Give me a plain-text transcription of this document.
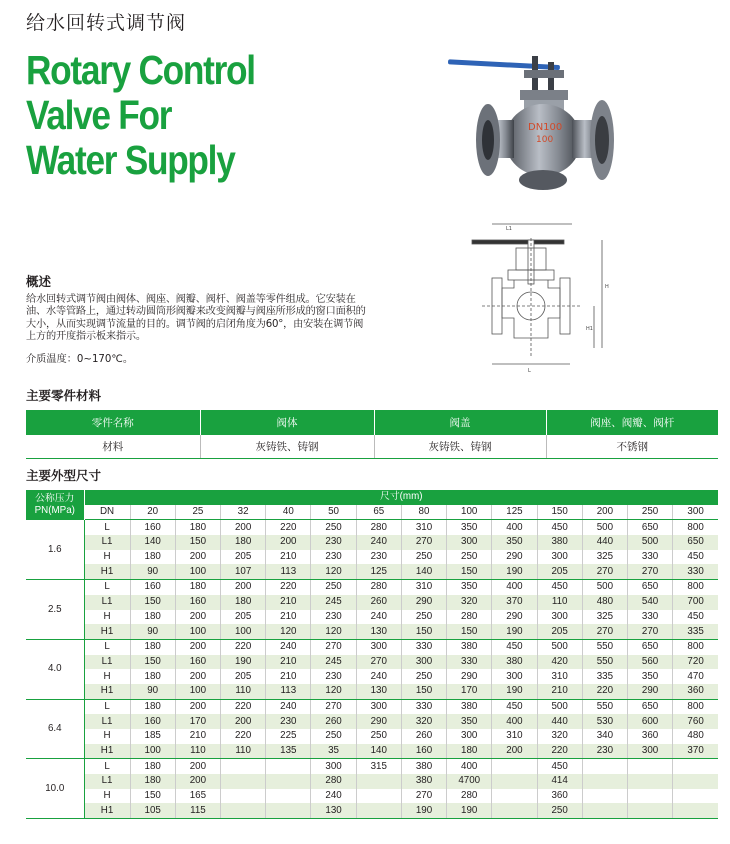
给水回转式调节阀
Rotary Control
Valve For
Water Supply
DN100
100
L1
L
H
H1
概述
给水回转式调节阀由阀体、阀座、阀瓣、阀杆、阀盖等零件组成。它安装在油、水等管路上，通过转动圆筒形阀瓣来改变阀瓣与阀座所形成的窗口面积的大小，从而实现调节流量的目的。调节阀的启闭角度为60°，由安装在调节阀上方的开度指示板来指示。
介质温度：0~170℃。
主要零件材料
零件名称	阀体	阀盖	阀座、阀瓣、阀杆
材料	灰铸铁、铸钢	灰铸铁、铸钢	不锈钢
主要外型尺寸
公称压力
PN(MPa)	尺寸(mm)													
	DN	20	25	32	40	50	65	80	100	125	150	200	250	300
1.6	L	160	180	200	220	250	280	310	350	400	450	500	650	800
	L1	140	150	180	200	230	240	270	300	350	380	440	500	650
	H	180	200	205	210	230	230	250	250	290	300	325	330	450
	H1	90	100	107	113	120	125	140	150	190	205	270	270	330
2.5	L	160	180	200	220	250	280	310	350	400	450	500	650	800
	L1	150	160	180	210	245	260	290	320	370	110	480	540	700
	H	180	200	205	210	230	240	250	280	290	300	325	330	450
	H1	90	100	100	120	120	130	150	150	190	205	270	270	335
4.0	L	180	200	220	240	270	300	330	380	450	500	550	650	800
	L1	150	160	190	210	245	270	300	330	380	420	550	560	720
	H	180	200	205	210	230	240	250	290	300	310	335	350	470
	H1	90	100	110	113	120	130	150	170	190	210	220	290	360
6.4	L	180	200	220	240	270	300	330	380	450	500	550	650	800
	L1	160	170	200	230	260	290	320	350	400	440	530	600	760
	H	185	210	220	225	250	250	260	300	310	320	340	360	480
	H1	100	110	110	135	35	140	160	180	200	220	230	300	370
10.0	L	180	200			300	315	380	400		450			
	L1	180	200			280		380	4700		414			
	H	150	165			240		270	280		360			
	H1	105	115			130		190	190		250			
